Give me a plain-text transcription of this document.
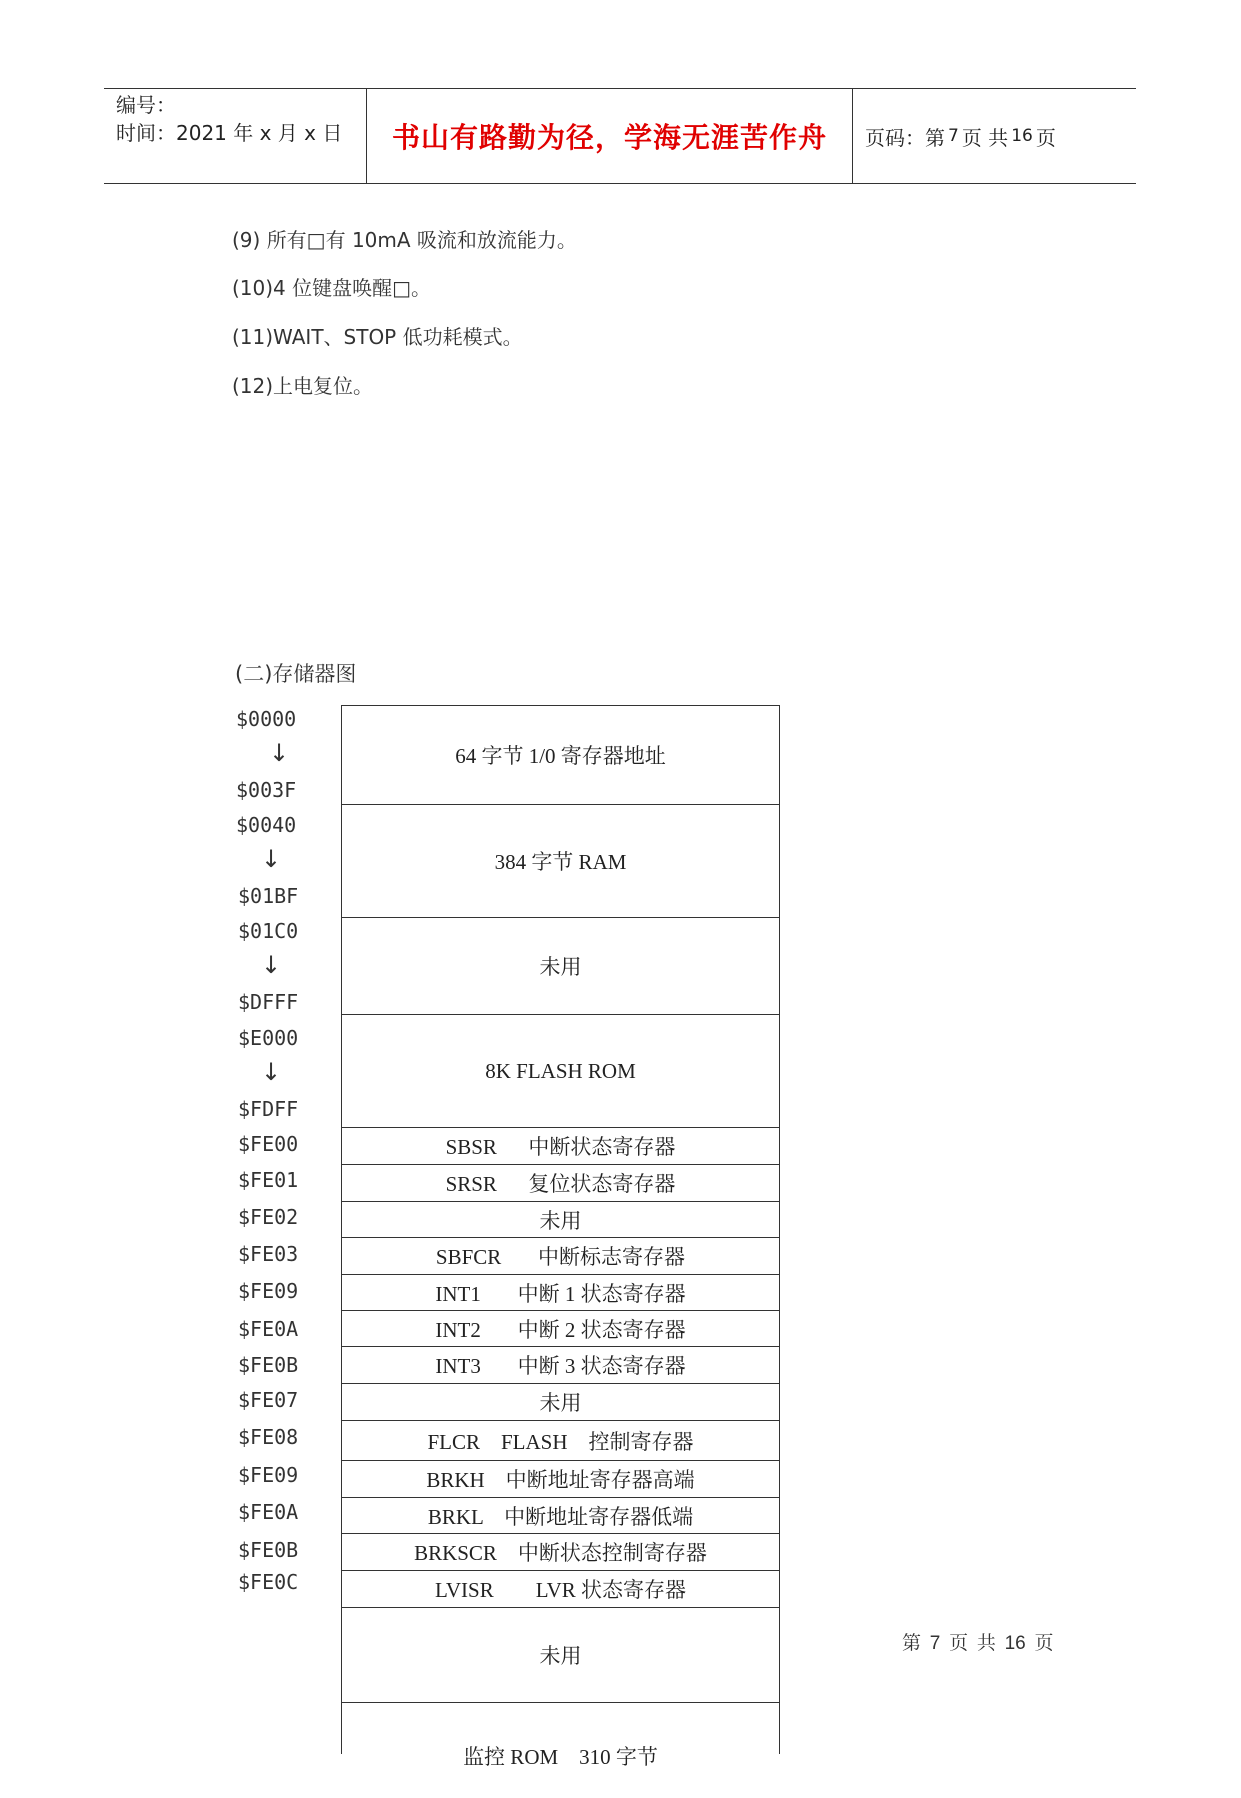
编号：
时间：2021 年 x 月 x 日	书山有路勤为径，学海无涯苦作舟	页码：第 7 页 共 16 页
(9) 所有□有 10mA 吸流和放流能力。
(10)4 位键盘唤醒□。
(11)WAIT、STOP 低功耗模式。
(12)上电复位。
(二)存储器图
$0000
↓
$003F
$0040
↓
$01BF
$01C0
↓
$DFFF
$E000
↓
$FDFF
$FE00
$FE01
$FE02
$FE03
$FE09
$FE0A
$FE0B
$FE07
$FE08
$FE09
$FE0A
$FE0B
$FE0C
64 字节 1/0 寄存器地址
384 字节 RAM
未用
8K FLASH ROM
SBSR      中断状态寄存器
SRSR      复位状态寄存器
未用
SBFCR       中断标志寄存器
INT1       中断 1 状态寄存器
INT2       中断 2 状态寄存器
INT3       中断 3 状态寄存器
未用
FLCR    FLASH    控制寄存器
BRKH    中断地址寄存器高端
BRKL    中断地址寄存器低端
BRKSCR    中断状态控制寄存器
LVISR        LVR 状态寄存器
未用
监控 ROM    310 字节
第 7 页 共 16 页
